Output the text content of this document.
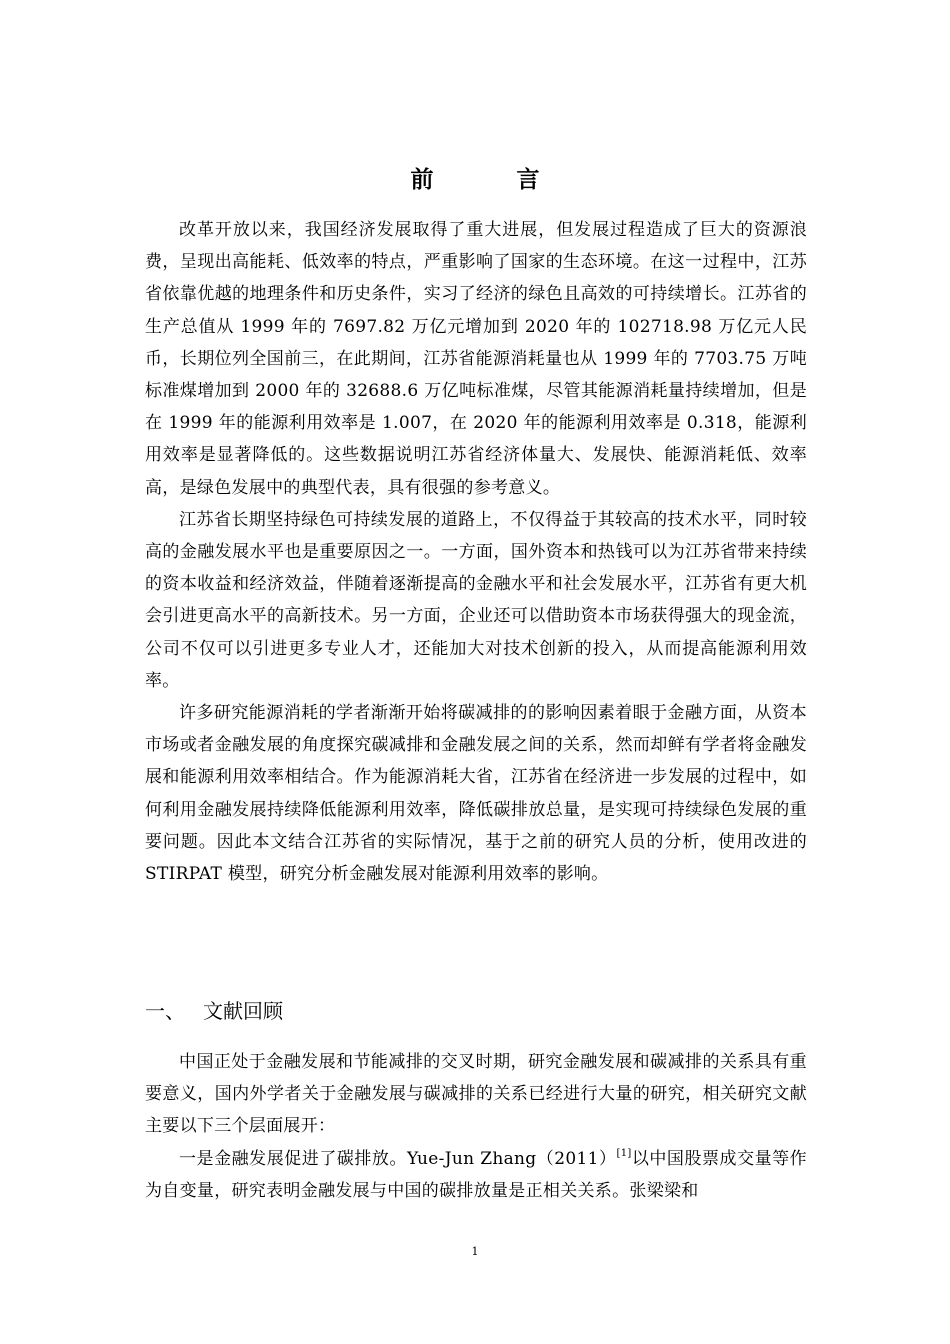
前　言

改革开放以来，我国经济发展取得了重大进展，但发展过程造成了巨大的资源浪费，呈现出高能耗、低效率的特点，严重影响了国家的生态环境。在这一过程中，江苏省依靠优越的地理条件和历史条件，实习了经济的绿色且高效的可持续增长。江苏省的生产总值从 1999 年的 7697.82 万亿元增加到 2020 年的 102718.98 万亿元人民币，长期位列全国前三，在此期间，江苏省能源消耗量也从 1999 年的 7703.75 万吨标准煤增加到 2000 年的 32688.6 万亿吨标准煤，尽管其能源消耗量持续增加，但是在 1999 年的能源利用效率是 1.007，在 2020 年的能源利用效率是 0.318，能源利用效率是显著降低的。这些数据说明江苏省经济体量大、发展快、能源消耗低、效率高，是绿色发展中的典型代表，具有很强的参考意义。

江苏省长期坚持绿色可持续发展的道路上，不仅得益于其较高的技术水平，同时较高的金融发展水平也是重要原因之一。一方面，国外资本和热钱可以为江苏省带来持续的资本收益和经济效益，伴随着逐渐提高的金融水平和社会发展水平，江苏省有更大机会引进更高水平的高新技术。另一方面，企业还可以借助资本市场获得强大的现金流，公司不仅可以引进更多专业人才，还能加大对技术创新的投入，从而提高能源利用效率。

许多研究能源消耗的学者渐渐开始将碳减排的的影响因素着眼于金融方面，从资本市场或者金融发展的角度探究碳减排和金融发展之间的关系，然而却鲜有学者将金融发展和能源利用效率相结合。作为能源消耗大省，江苏省在经济进一步发展的过程中，如何利用金融发展持续降低能源利用效率，降低碳排放总量，是实现可持续绿色发展的重要问题。因此本文结合江苏省的实际情况，基于之前的研究人员的分析，使用改进的 STIRPAT 模型，研究分析金融发展对能源利用效率的影响。

一、 文献回顾

中国正处于金融发展和节能减排的交叉时期，研究金融发展和碳减排的关系具有重要意义，国内外学者关于金融发展与碳减排的关系已经进行大量的研究，相关研究文献主要以下三个层面展开：

一是金融发展促进了碳排放。Yue-Jun Zhang（2011）[1]以中国股票成交量等作为自变量，研究表明金融发展与中国的碳排放量是正相关关系。张梁梁和

1
